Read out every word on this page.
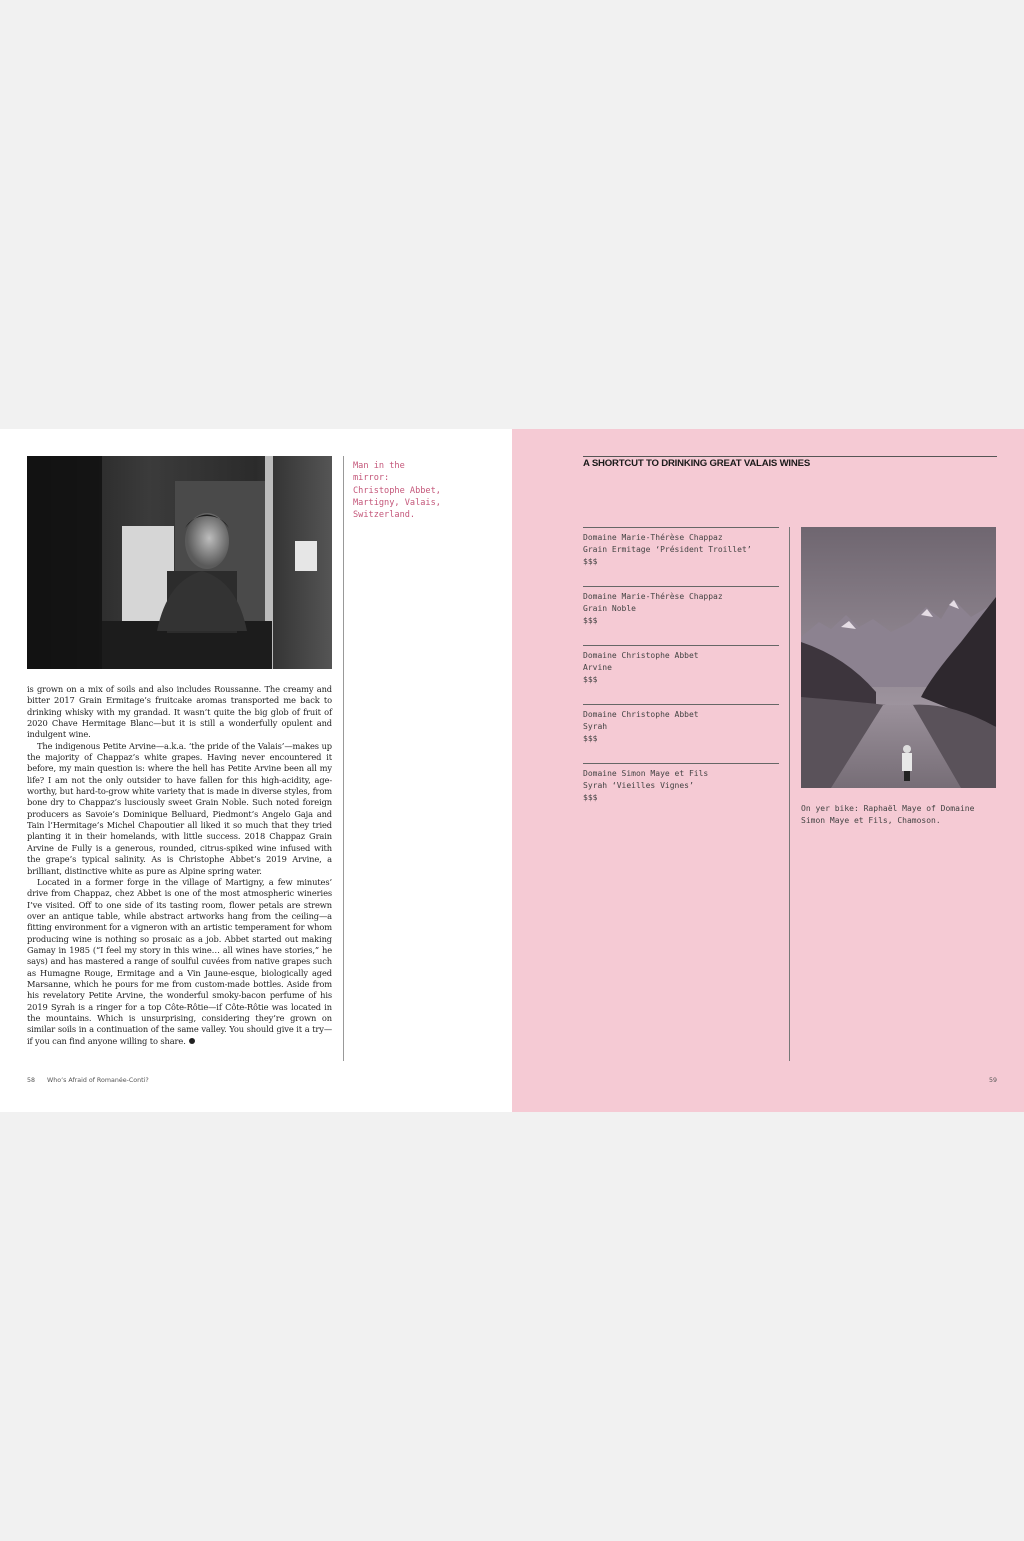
Man in the
mirror:
Christophe Abbet,
Martigny, Valais,
Switzerland.

is grown on a mix of soils and also includes Roussanne. The creamy and bitter 2017 Grain Ermitage’s fruitcake aromas transported me back to drinking whisky with my grandad. It wasn’t quite the big glob of fruit of 2020 Chave Hermitage Blanc—but it is still a wonderfully opulent and indulgent wine.

The indigenous Petite Arvine—a.k.a. ‘the pride of the Valais’—makes up the majority of Chappaz’s white grapes. Having never encountered it before, my main question is: where the hell has Petite Arvine been all my life? I am not the only outsider to have fallen for this high-acidity, age-worthy, but hard-to-grow white variety that is made in diverse styles, from bone dry to Chappaz’s lusciously sweet Grain Noble. Such noted foreign producers as Savoie’s Dominique Belluard, Piedmont’s Angelo Gaja and Tain l’Hermitage’s Michel Chapoutier all liked it so much that they tried planting it in their homelands, with little success. 2018 Chappaz Grain Arvine de Fully is a generous, rounded, citrus-spiked wine infused with the grape’s typical salinity. As is Christophe Abbet’s 2019 Arvine, a brilliant, distinctive white as pure as Alpine spring water.

Located in a former forge in the village of Martigny, a few minutes’ drive from Chappaz, chez Abbet is one of the most atmospheric wineries I’ve visited. Off to one side of its tasting room, flower petals are strewn over an antique table, while abstract artworks hang from the ceiling—a fitting environment for a vigneron with an artistic temperament for whom producing wine is nothing so prosaic as a job. Abbet started out making Gamay in 1985 (“I feel my story in this wine… all wines have stories,” he says) and has mastered a range of soulful cuvées from native grapes such as Humagne Rouge, Ermitage and a Vin Jaune-esque, biologically aged Marsanne, which he pours for me from custom-made bottles. Aside from his revelatory Petite Arvine, the wonderful smoky-bacon perfume of his 2019 Syrah is a ringer for a top Côte-Rôtie—if Côte-Rôtie was located in the mountains. Which is unsurprising, considering they’re grown on similar soils in a continuation of the same valley. You should give it a try—if you can find anyone willing to share.

58 Who’s Afraid of Romanée-Conti?
A SHORTCUT TO DRINKING GREAT VALAIS WINES
Domaine Marie-Thérèse Chappaz
Grain Ermitage ‘Président Troillet’
$$$
Domaine Marie-Thérèse Chappaz
Grain Noble
$$$
Domaine Christophe Abbet
Arvine
$$$
Domaine Christophe Abbet
Syrah
$$$
Domaine Simon Maye et Fils
Syrah ‘Vieilles Vignes’
$$$

On yer bike: Raphaël Maye of Domaine
Simon Maye et Fils, Chamoson.

59
